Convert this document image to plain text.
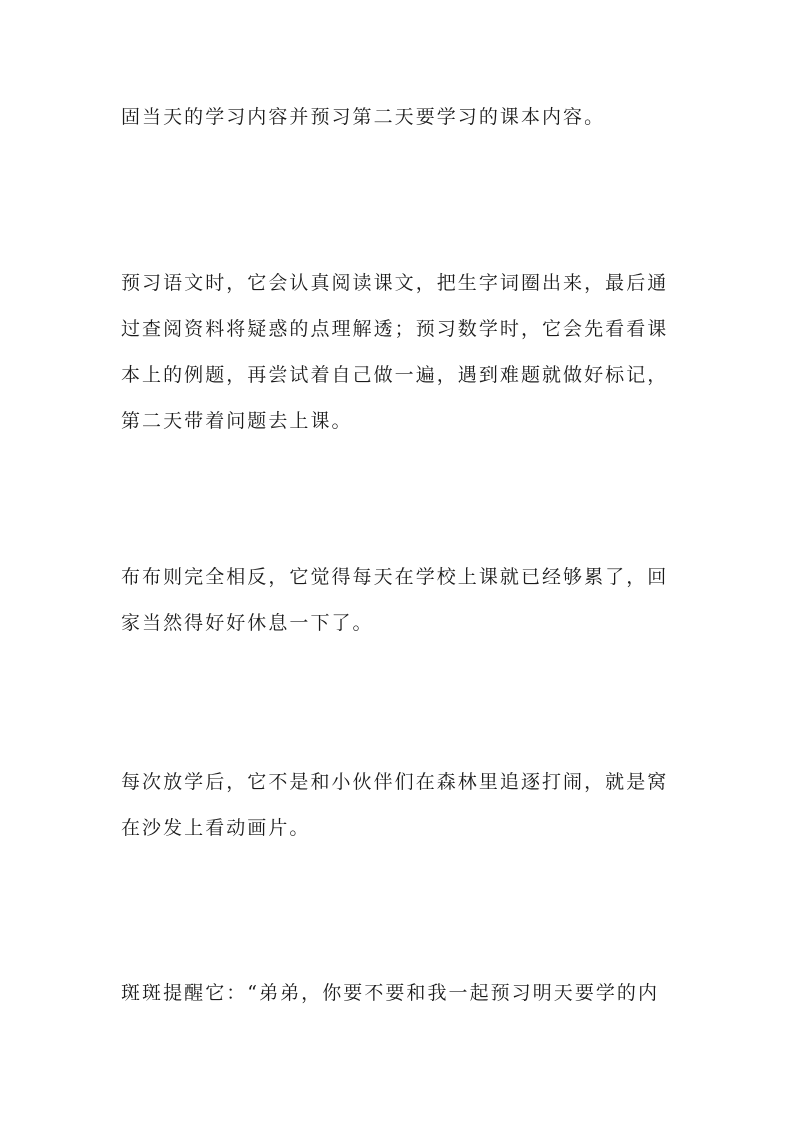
固当天的学习内容并预习第二天要学习的课本内容。
预习语文时，它会认真阅读课文，把生字词圈出来，最后通
过查阅资料将疑惑的点理解透；预习数学时，它会先看看课
本上的例题，再尝试着自己做一遍，遇到难题就做好标记，
第二天带着问题去上课。
布布则完全相反，它觉得每天在学校上课就已经够累了，回
家当然得好好休息一下了。
每次放学后，它不是和小伙伴们在森林里追逐打闹，就是窝
在沙发上看动画片。
斑斑提醒它：“弟弟，你要不要和我一起预习明天要学的内
